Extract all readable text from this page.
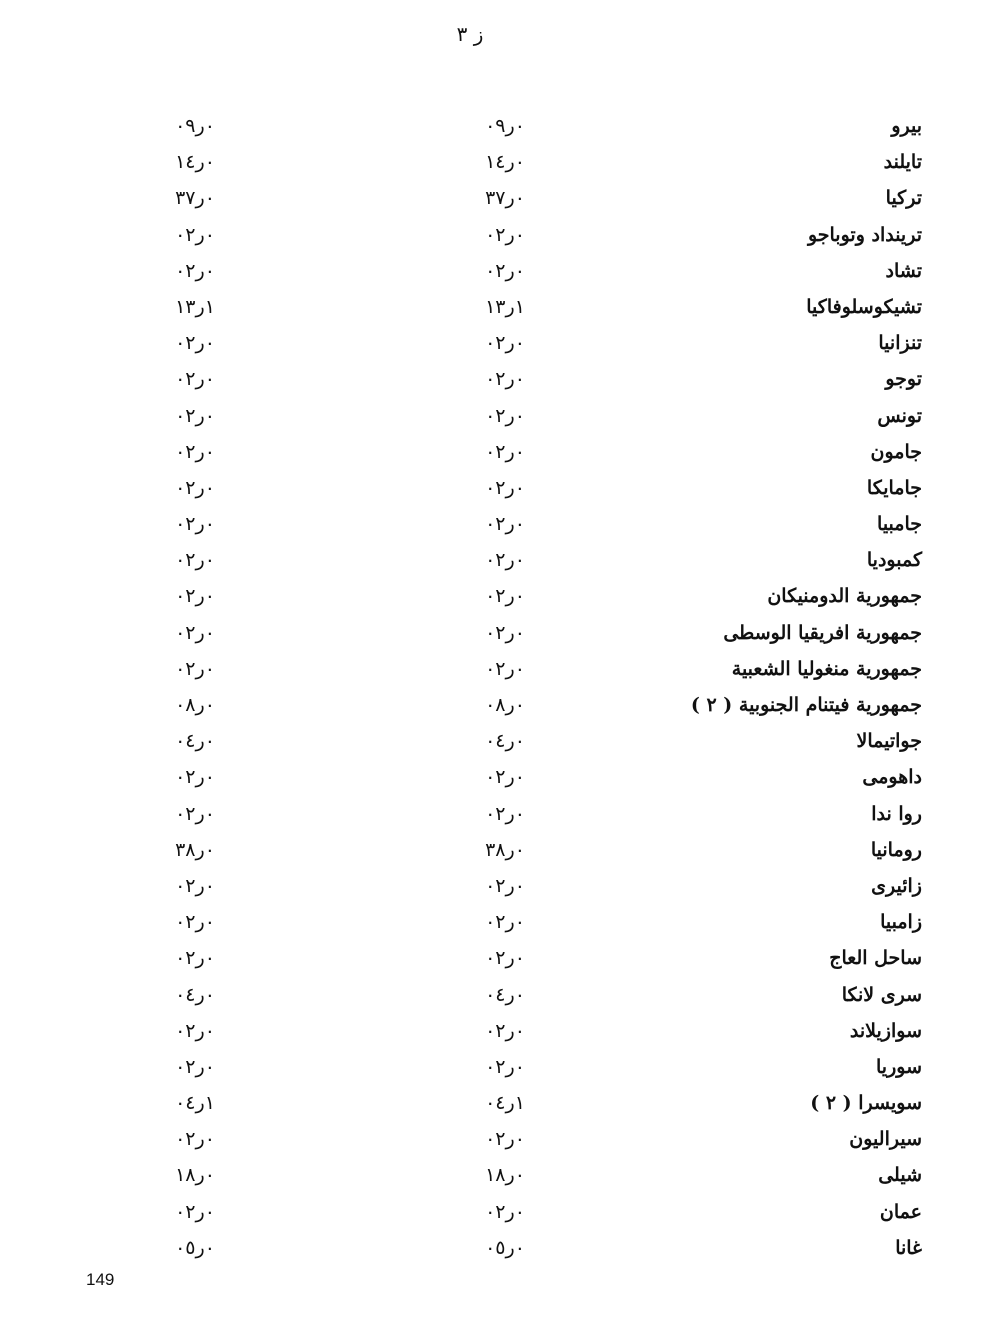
ز ٣
بيرو
٠ر٠٩
٠ر٠٩
تايلند
٠ر١٤
٠ر١٤
تركيا
٠ر٣٧
٠ر٣٧
ترينداد وتوباجو
٠ر٠٢
٠ر٠٢
تشاد
٠ر٠٢
٠ر٠٢
تشيكوسلوفاكيا
١ر١٣
١ر١٣
تنزانيا
٠ر٠٢
٠ر٠٢
توجو
٠ر٠٢
٠ر٠٢
تونس
٠ر٠٢
٠ر٠٢
جامون
٠ر٠٢
٠ر٠٢
جامايكا
٠ر٠٢
٠ر٠٢
جامبيا
٠ر٠٢
٠ر٠٢
كمبوديا
٠ر٠٢
٠ر٠٢
جمهورية الدومنيكان
٠ر٠٢
٠ر٠٢
جمهورية افريقيا الوسطى
٠ر٠٢
٠ر٠٢
جمهورية منغوليا الشعبية
٠ر٠٢
٠ر٠٢
جمهورية فيتنام الجنوبية ( ٢ )
٠ر٠٨
٠ر٠٨
جواتيمالا
٠ر٠٤
٠ر٠٤
داهومى
٠ر٠٢
٠ر٠٢
روا ندا
٠ر٠٢
٠ر٠٢
رومانيا
٠ر٣٨
٠ر٣٨
زائيرى
٠ر٠٢
٠ر٠٢
زامبيا
٠ر٠٢
٠ر٠٢
ساحل العاج
٠ر٠٢
٠ر٠٢
سرى لانكا
٠ر٠٤
٠ر٠٤
سوازيلاند
٠ر٠٢
٠ر٠٢
سوريا
٠ر٠٢
٠ر٠٢
سويسرا ( ٢ )
١ر٠٤
١ر٠٤
سيراليون
٠ر٠٢
٠ر٠٢
شيلى
٠ر١٨
٠ر١٨
عمان
٠ر٠٢
٠ر٠٢
غانا
٠ر٠٥
٠ر٠٥
149
